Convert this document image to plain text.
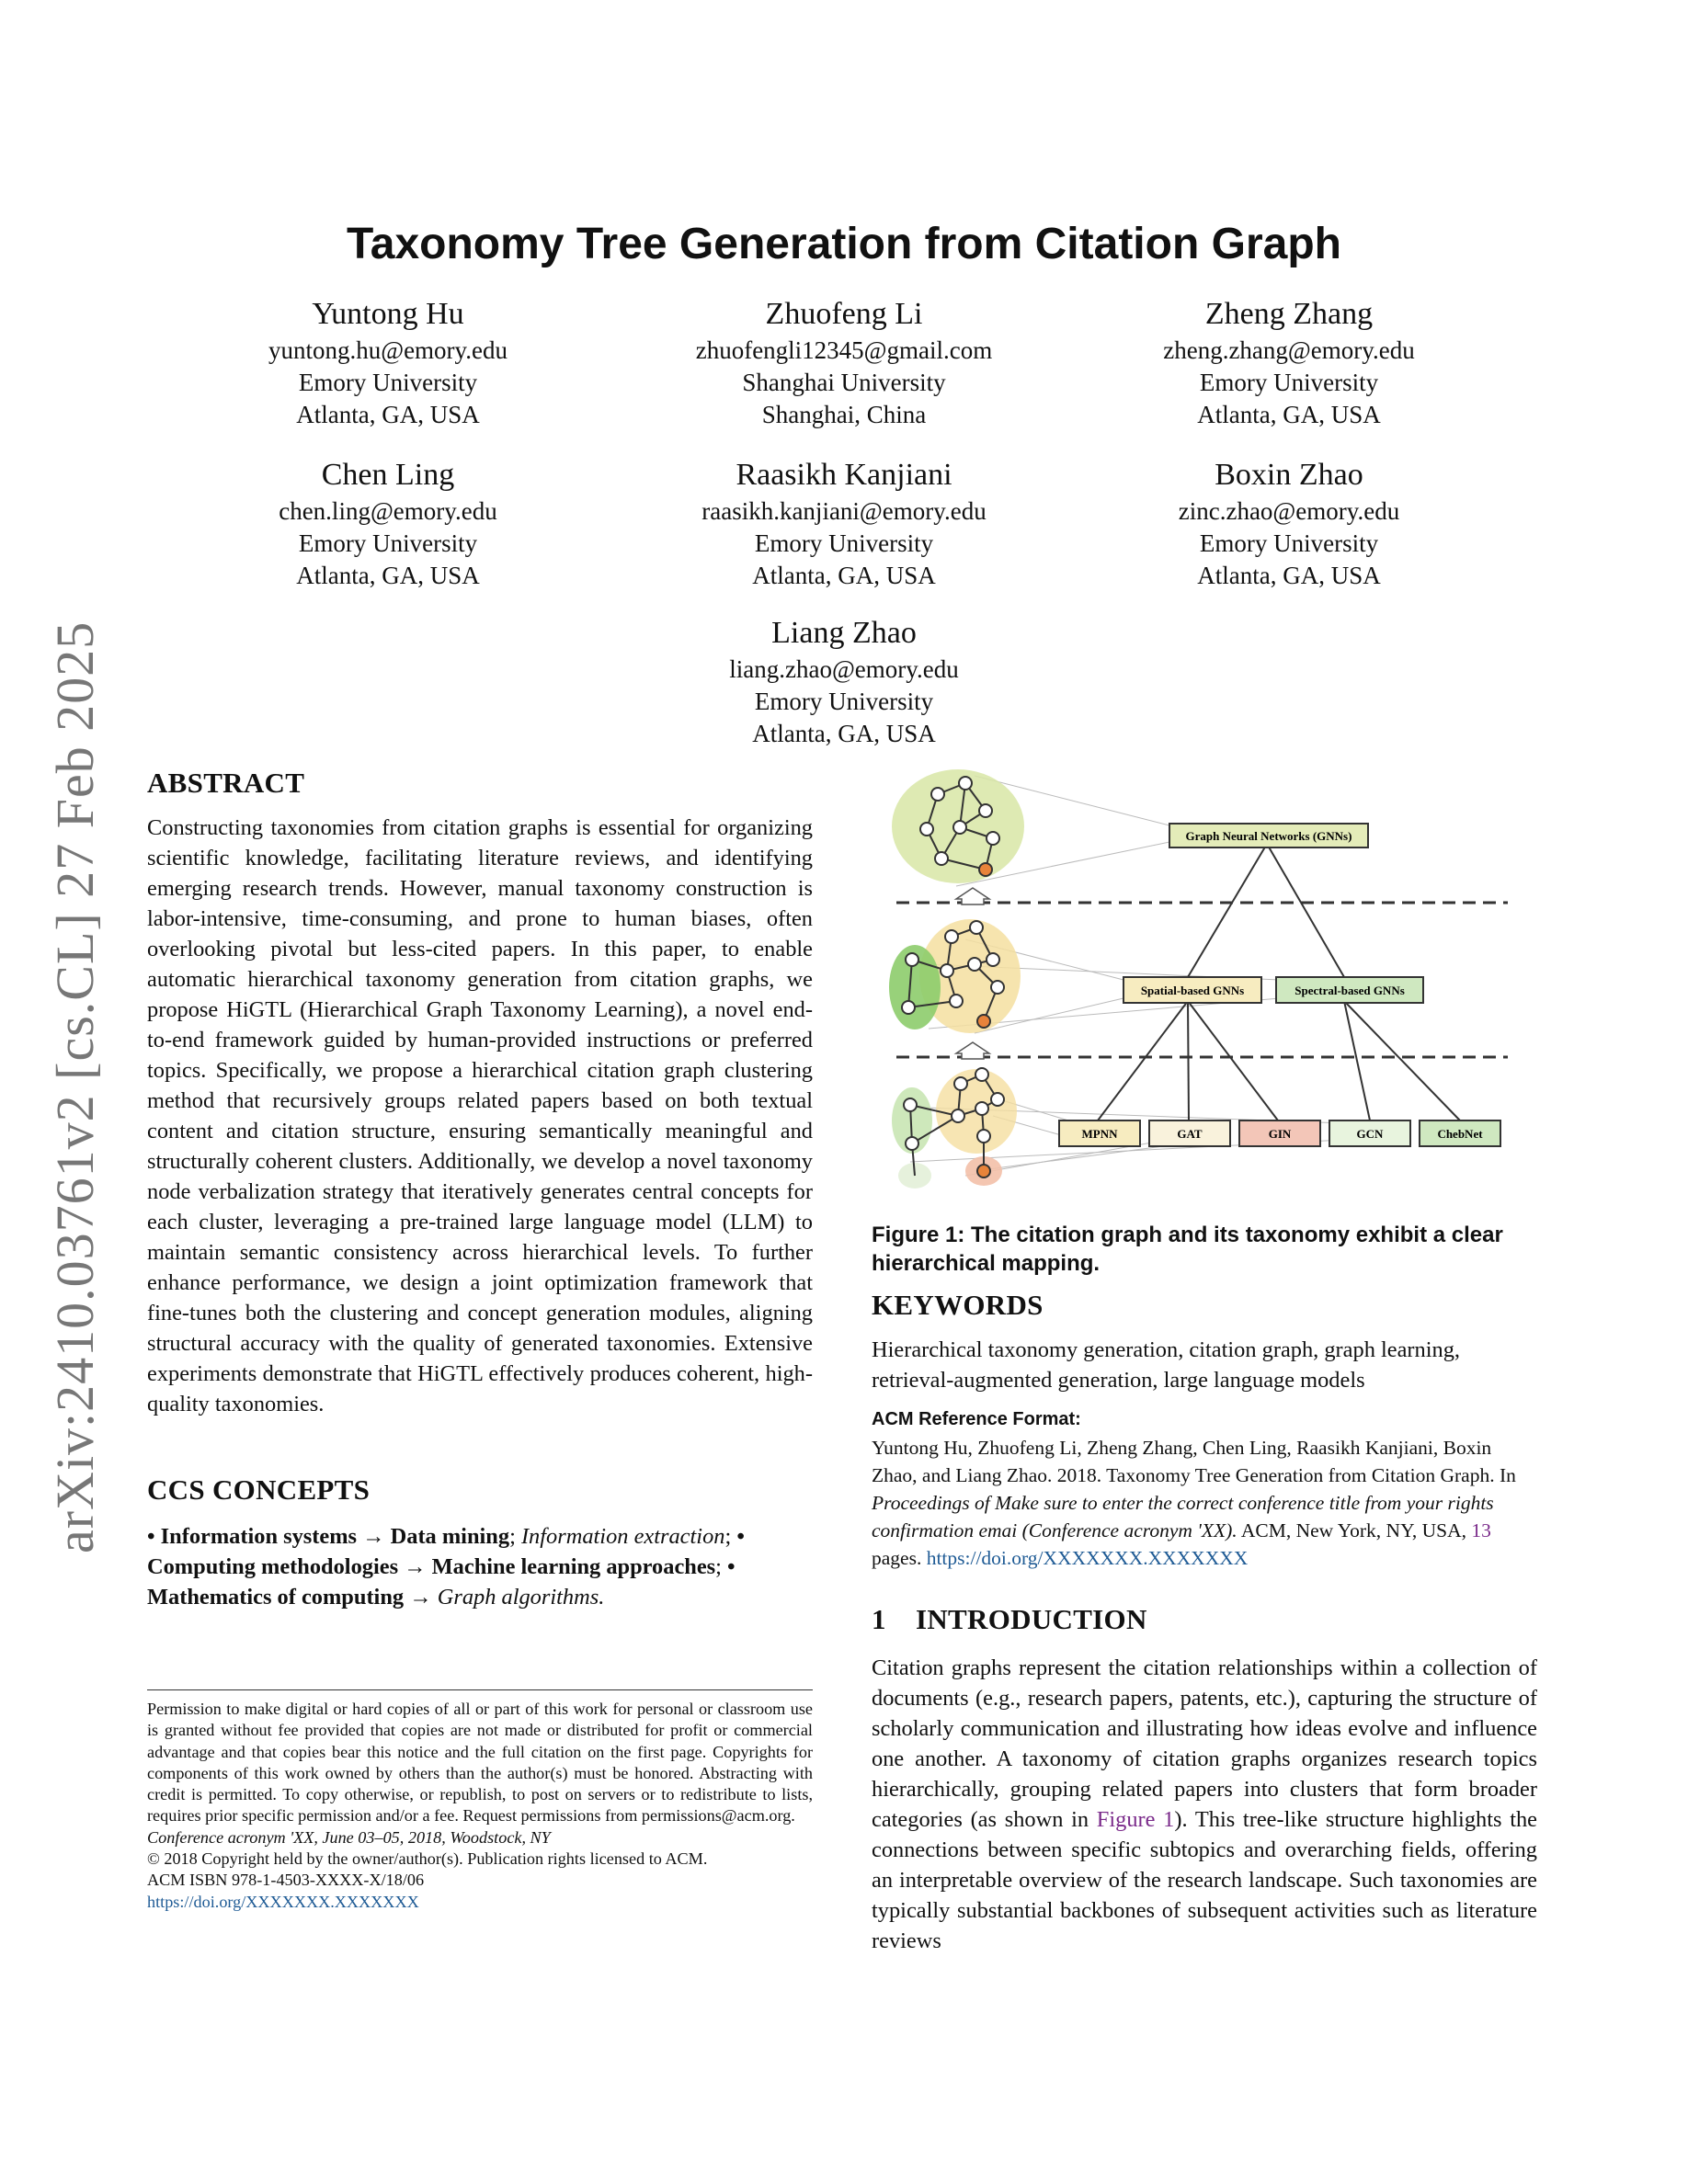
arXiv:2410.03761v2 [cs.CL] 27 Feb 2025
Taxonomy Tree Generation from Citation Graph
Yuntong Hu
yuntong.hu@emory.edu
Emory University
Atlanta, GA, USA
Zhuofeng Li
zhuofengli12345@gmail.com
Shanghai University
Shanghai, China
Zheng Zhang
zheng.zhang@emory.edu
Emory University
Atlanta, GA, USA
Chen Ling
chen.ling@emory.edu
Emory University
Atlanta, GA, USA
Raasikh Kanjiani
raasikh.kanjiani@emory.edu
Emory University
Atlanta, GA, USA
Boxin Zhao
zinc.zhao@emory.edu
Emory University
Atlanta, GA, USA
Liang Zhao
liang.zhao@emory.edu
Emory University
Atlanta, GA, USA
ABSTRACT

Constructing taxonomies from citation graphs is essential for organizing scientific knowledge, facilitating literature reviews, and identifying emerging research trends. However, manual taxonomy construction is labor-intensive, time-consuming, and prone to human biases, often overlooking pivotal but less-cited papers. In this paper, to enable automatic hierarchical taxonomy generation from citation graphs, we propose HiGTL (Hierarchical Graph Taxonomy Learning), a novel end-to-end framework guided by human-provided instructions or preferred topics. Specifically, we propose a hierarchical citation graph clustering method that recursively groups related papers based on both textual content and citation structure, ensuring semantically meaningful and structurally coherent clusters. Additionally, we develop a novel taxonomy node verbalization strategy that iteratively generates central concepts for each cluster, leveraging a pre-trained large language model (LLM) to maintain semantic consistency across hierarchical levels. To further enhance performance, we design a joint optimization framework that fine-tunes both the clustering and concept generation modules, aligning structural accuracy with the quality of generated taxonomies. Extensive experiments demonstrate that HiGTL effectively produces coherent, high-quality taxonomies.

CCS CONCEPTS

• Information systems → Data mining; Information extraction; • Computing methodologies → Machine learning approaches; • Mathematics of computing → Graph algorithms.

Permission to make digital or hard copies of all or part of this work for personal or classroom use is granted without fee provided that copies are not made or distributed for profit or commercial advantage and that copies bear this notice and the full citation on the first page. Copyrights for components of this work owned by others than the author(s) must be honored. Abstracting with credit is permitted. To copy otherwise, or republish, to post on servers or to redistribute to lists, requires prior specific permission and/or a fee. Request permissions from permissions@acm.org.
Conference acronym 'XX, June 03–05, 2018, Woodstock, NY
© 2018 Copyright held by the owner/author(s). Publication rights licensed to ACM.
ACM ISBN 978-1-4503-XXXX-X/18/06
https://doi.org/XXXXXXX.XXXXXXX
Graph Neural Networks (GNNs)
Spatial-based GNNs	Spectral-based GNNs
MPNN	GAT	GIN	GCN	ChebNet

Figure 1: The citation graph and its taxonomy exhibit a clear hierarchical mapping.

KEYWORDS

Hierarchical taxonomy generation, citation graph, graph learning, retrieval-augmented generation, large language models

ACM Reference Format:

Yuntong Hu, Zhuofeng Li, Zheng Zhang, Chen Ling, Raasikh Kanjiani, Boxin Zhao, and Liang Zhao. 2018. Taxonomy Tree Generation from Citation Graph. In Proceedings of Make sure to enter the correct conference title from your rights confirmation emai (Conference acronym 'XX). ACM, New York, NY, USA, 13 pages. https://doi.org/XXXXXXX.XXXXXXX

1    INTRODUCTION

Citation graphs represent the citation relationships within a collection of documents (e.g., research papers, patents, etc.), capturing the structure of scholarly communication and illustrating how ideas evolve and influence one another. A taxonomy of citation graphs organizes research topics hierarchically, grouping related papers into clusters that form broader categories (as shown in Figure 1). This tree-like structure highlights the connections between specific subtopics and overarching fields, offering an interpretable overview of the research landscape. Such taxonomies are typically substantial backbones of subsequent activities such as literature reviews
